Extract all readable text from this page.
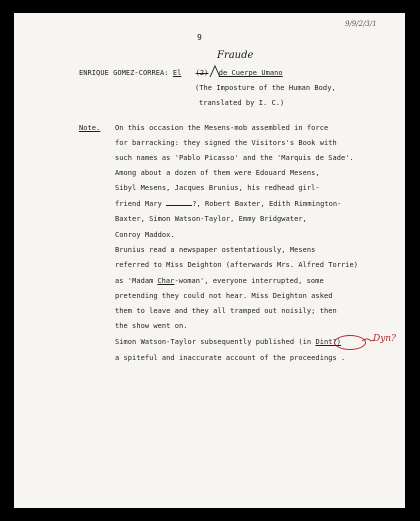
9/9/2/3/1
9
ENRIQUE GOMEZ-CORREA: El (2) de Cuerpe Umano
Fraude
(The Imposture of the Human Body,
translated by I. C.)
Note. On this occasion the Mesens-mob assembled in force
for barracking: they signed the Visitors's Book with
such names as 'Pablo Picasso' and the 'Marquis de Sade'.
Among about a dozen of them were Edouard Mesens,
Sibyl Mesens, Jacques Brunius, his redhead girl-
friend Mary	?, Robert Baxter, Edith Rimmington-
Baxter, Simon Watson-Taylor, Emmy Bridgwater,
Conroy Maddox.
Brunius read a newspaper ostentatiously, Mesens
referred to Miss Deighton (afterwards Mrs. Alfred Torrie)
as 'Madam Char-woman', everyone interrupted, some
pretending they could not hear. Miss Deighton asked
them to leave and they all tramped out noisily; then
the show went on.
Simon Watson-Taylor subsequently published (in Dint?)
a spiteful and inaccurate account of the proceedings .
Dyn?
